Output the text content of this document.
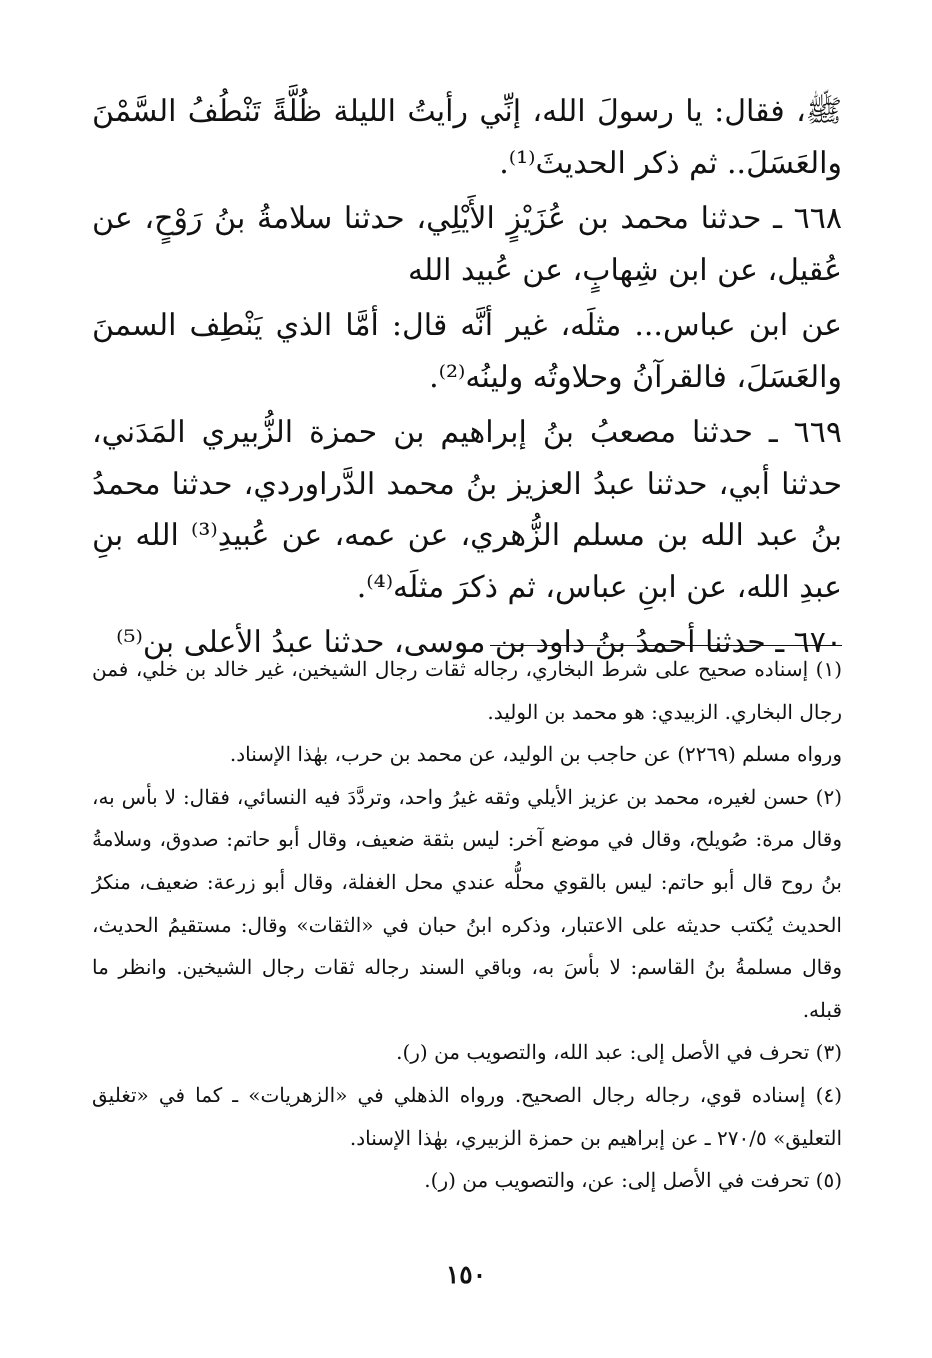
ﷺ، فقال: يا رسولَ الله، إنِّي رأيتُ الليلة ظُلَّةً تَنْطُفُ السَّمْنَ والعَسَلَ.. ثم ذكر الحديثَ⁽¹⁾.

٦٦٨ ـ حدثنا محمد بن عُزَيْزٍ الأَيْلِي، حدثنا سلامةُ بنُ رَوْحٍ، عن عُقيل، عن ابن شِهابٍ، عن عُبيد الله

عن ابن عباس... مثلَه، غير أنَّه قال: أمَّا الذي يَنْطِف السمنَ والعَسَلَ، فالقرآنُ وحلاوتُه ولينُه⁽²⁾.

٦٦٩ ـ حدثنا مصعبُ بنُ إبراهيم بن حمزة الزُّبيري المَدَني، حدثنا أبي، حدثنا عبدُ العزيز بنُ محمد الدَّراوردي، حدثنا محمدُ بنُ عبد الله بن مسلم الزُّهري، عن عمه، عن عُبيدِ⁽³⁾ الله بنِ عبدِ الله، عن ابنِ عباس، ثم ذكرَ مثلَه⁽⁴⁾.

٦٧٠ ـ حدثنا أحمدُ بنُ داود بن موسى، حدثنا عبدُ الأعلى بن⁽⁵⁾

(١) إسناده صحيح على شرط البخاري، رجاله ثقات رجال الشيخين، غير خالد بن خلي، فمن رجال البخاري. الزبيدي: هو محمد بن الوليد.

ورواه مسلم (٢٢٦٩) عن حاجب بن الوليد، عن محمد بن حرب، بهٰذا الإسناد.

(٢) حسن لغيره، محمد بن عزيز الأيلي وثقه غيرُ واحد، وتردَّدَ فيه النسائي، فقال: لا بأس به، وقال مرة: صُويلح، وقال في موضع آخر: ليس بثقة ضعيف، وقال أبو حاتم: صدوق، وسلامةُ بنُ روح قال أبو حاتم: ليس بالقوي محلُّه عندي محل الغفلة، وقال أبو زرعة: ضعيف، منكرُ الحديث يُكتب حديثه على الاعتبار، وذكره ابنُ حبان في «الثقات» وقال: مستقيمُ الحديث، وقال مسلمةُ بنُ القاسم: لا بأسَ به، وباقي السند رجاله ثقات رجال الشيخين. وانظر ما قبله.

(٣) تحرف في الأصل إلى: عبد الله، والتصويب من (ر).

(٤) إسناده قوي، رجاله رجال الصحيح. ورواه الذهلي في «الزهريات» ـ كما في «تغليق التعليق» ٢٧٠/٥ ـ عن إبراهيم بن حمزة الزبيري، بهٰذا الإسناد.

(٥) تحرفت في الأصل إلى: عن، والتصويب من (ر).

١٥٠
